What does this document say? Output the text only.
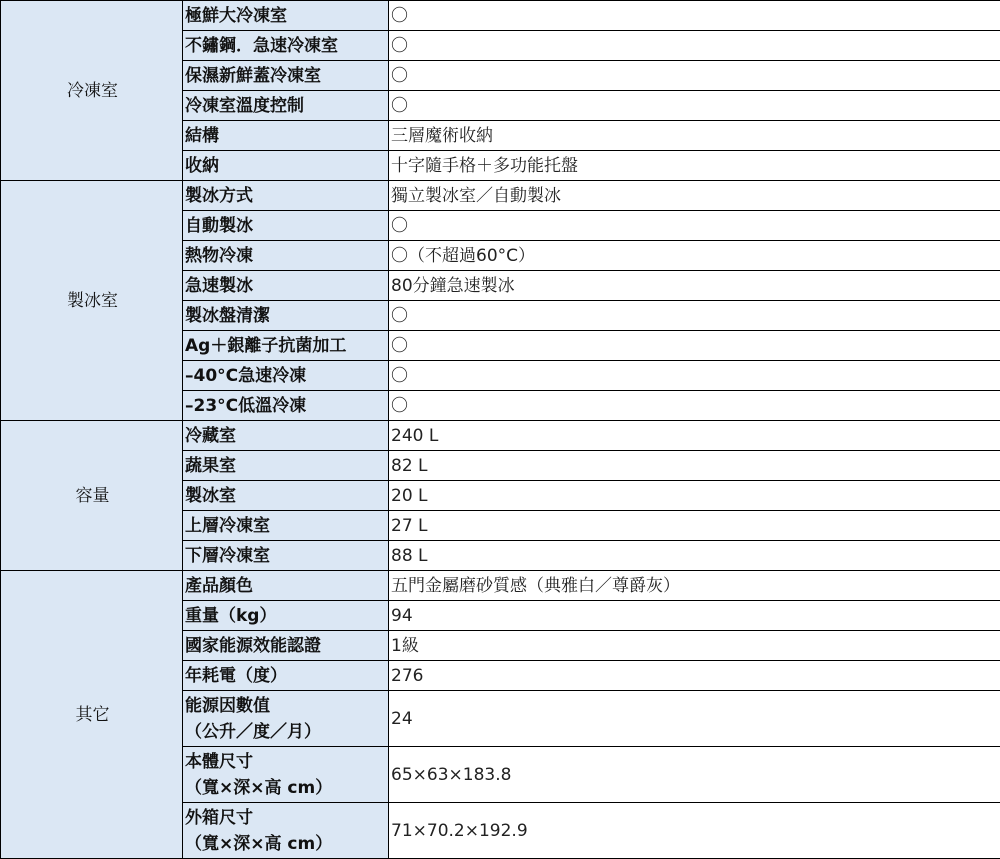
冷凍室	極鮮大冷凍室	〇
	不鏽鋼．急速冷凍室	〇
	保濕新鮮蓋冷凍室	〇
	冷凍室溫度控制	〇
	結構	三層魔術收納
	收納	十字隨手格＋多功能托盤
製冰室	製冰方式	獨立製冰室／自動製冰
	自動製冰	〇
	熱物冷凍	〇（不超過60°C）
	急速製冰	80分鐘急速製冰
	製冰盤清潔	〇
	Ag＋銀離子抗菌加工	〇
	–40°C急速冷凍	〇
	–23°C低溫冷凍	〇
容量	冷藏室	240 L
	蔬果室	82 L
	製冰室	20 L
	上層冷凍室	27 L
	下層冷凍室	88 L
其它	產品顏色	五門金屬磨砂質感（典雅白／尊爵灰）
	重量（kg）	94
	國家能源效能認證	1級
	年耗電（度）	276

	能源因數值
（公升／度／月）	24

	本體尺寸
（寬×深×高 cm）	65×63×183.8

	外箱尺寸
（寬×深×高 cm）	71×70.2×192.9
